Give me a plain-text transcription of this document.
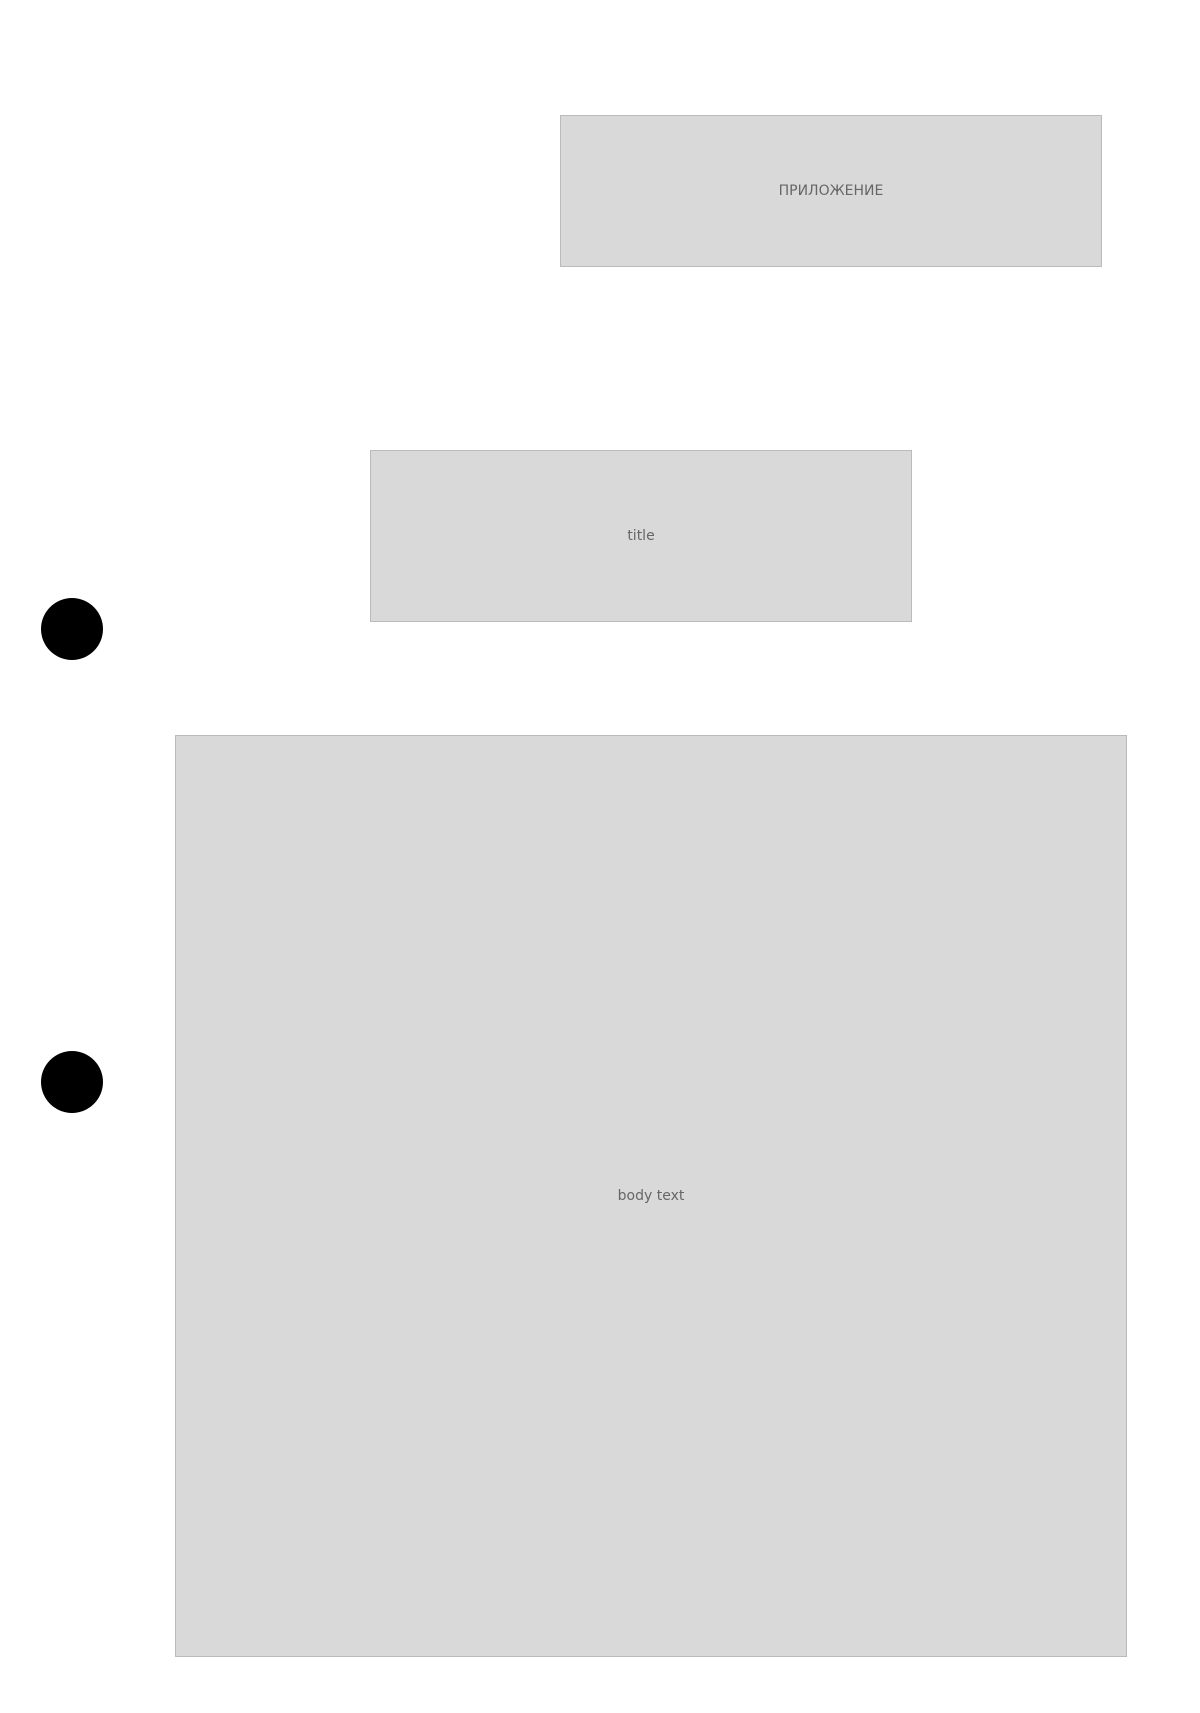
ПРИЛОЖЕНИЕ
title
body text
